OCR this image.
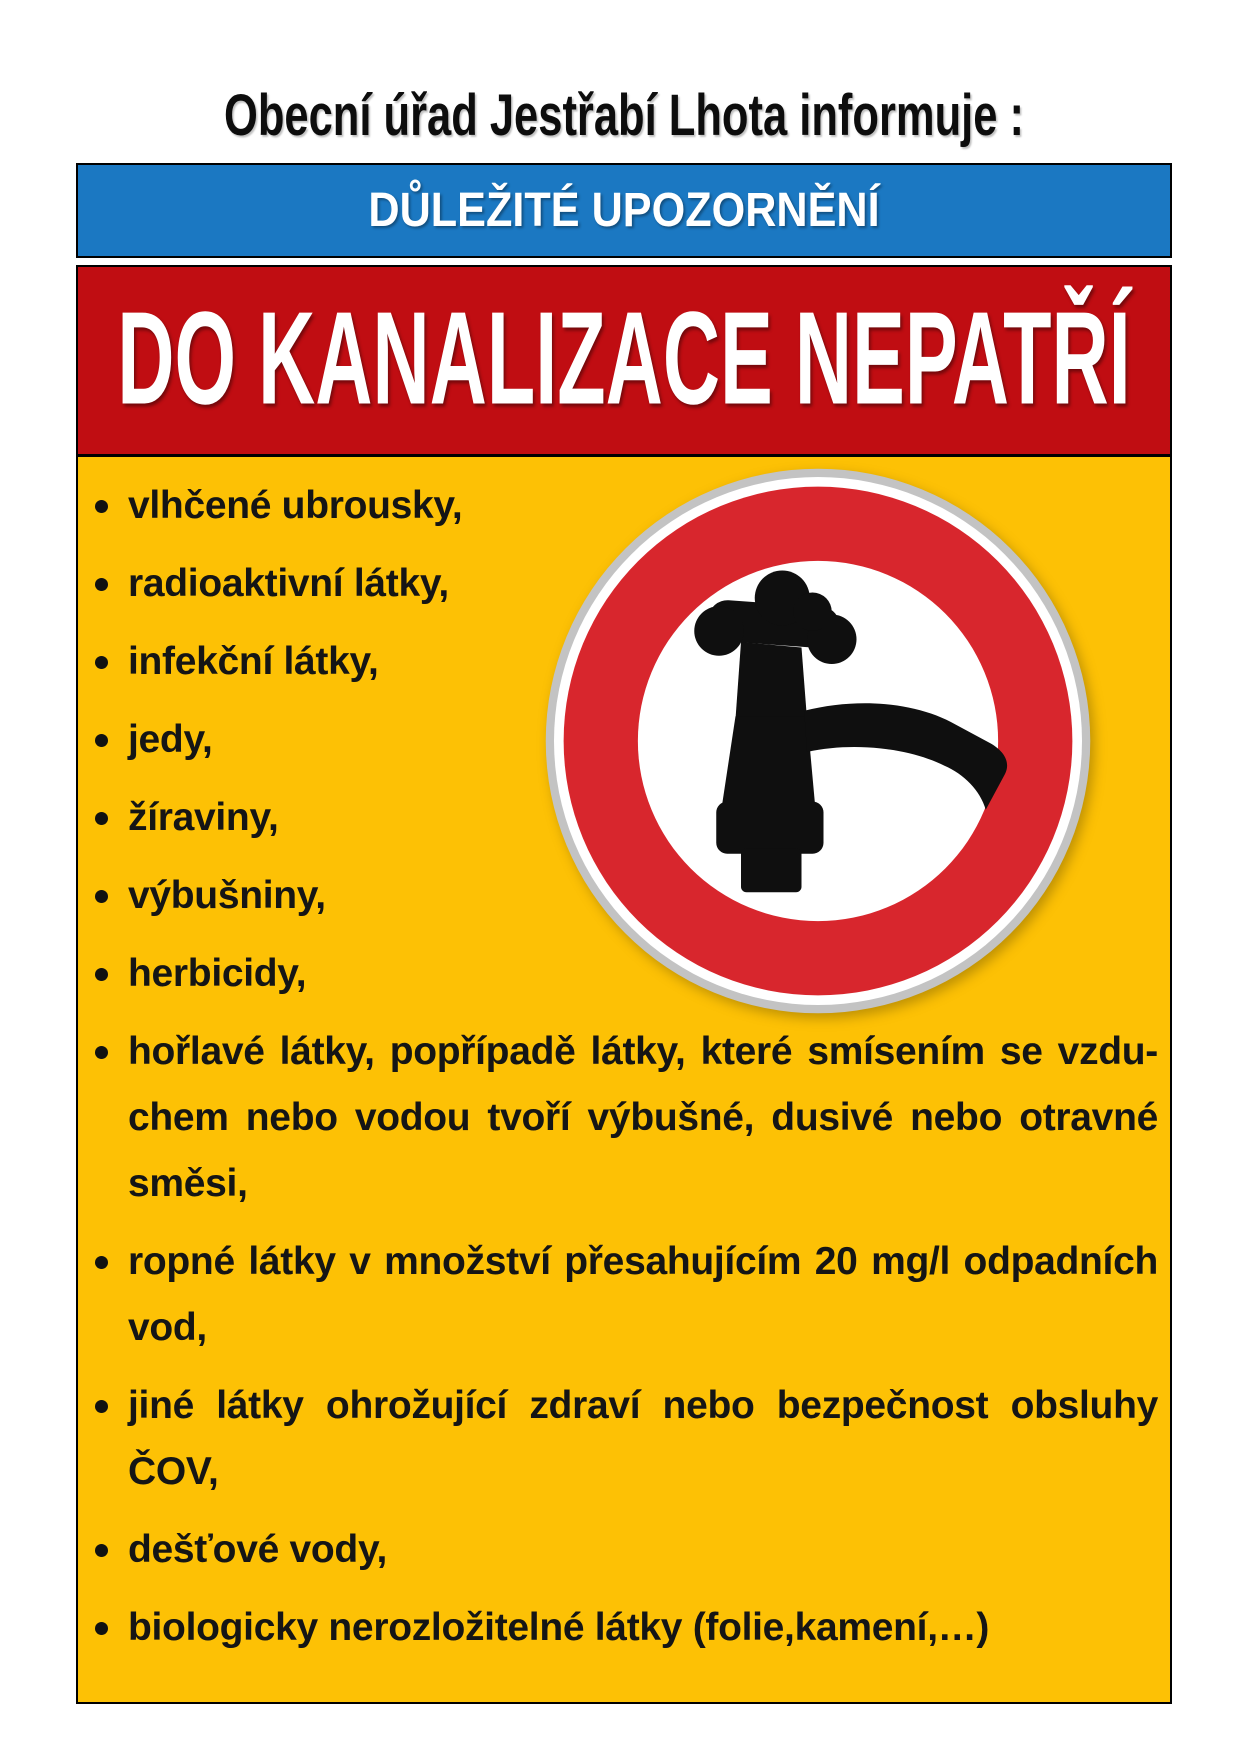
Obecní úřad Jestřabí Lhota informuje :
DŮLEŽITÉ UPOZORNĚNÍ
DO KANALIZACE NEPATŘÍ
vlhčené ubrousky,
radioaktivní látky,
infekční látky,
jedy,
žíraviny,
výbušniny,
herbicidy,
hořlavé látky, popřípadě látky, které smísením se vzdu-
chem nebo vodou tvoří výbušné, dusivé nebo otravné
směsi,
ropné látky v množství přesahujícím 20 mg/l odpadních
vod,
jiné látky ohrožující zdraví nebo bezpečnost obsluhy
ČOV,
dešťové vody,
biologicky nerozložitelné látky (folie,kamení,…)
